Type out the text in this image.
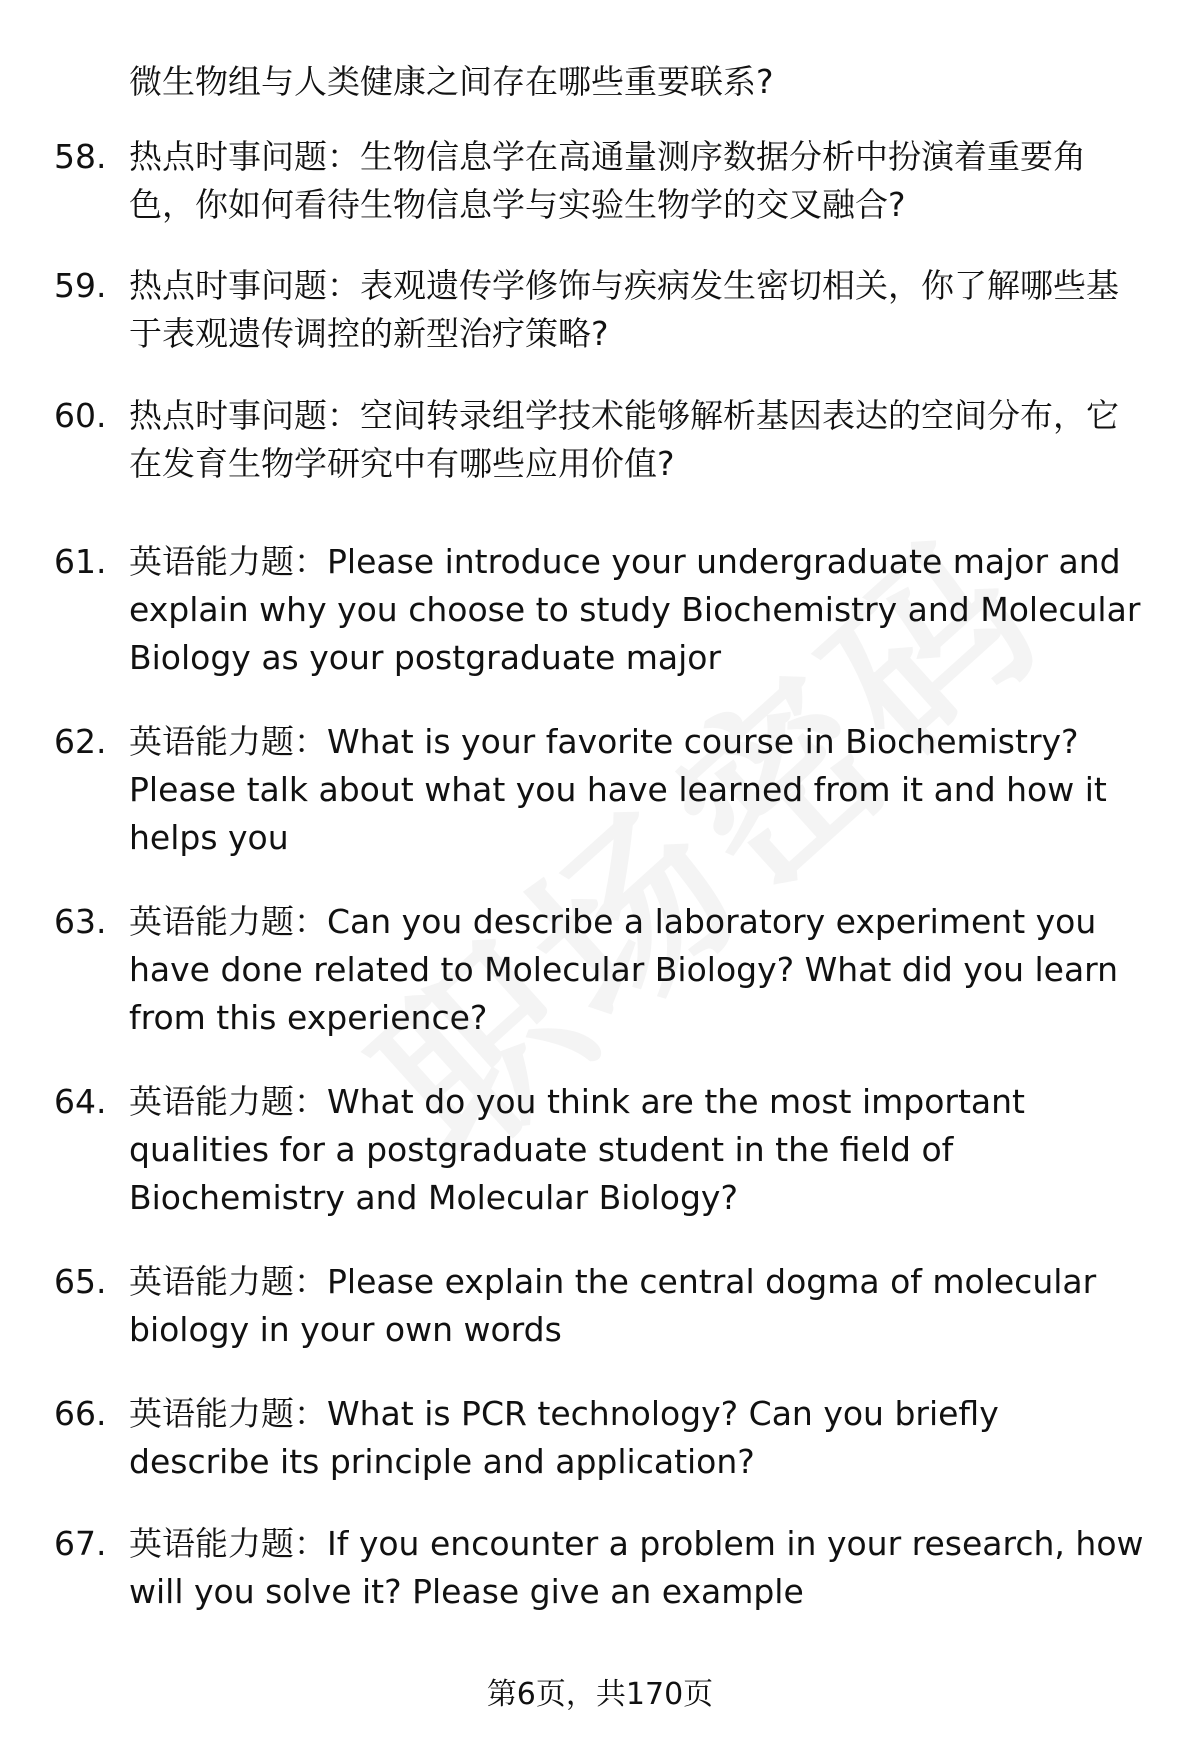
微生物组与人类健康之间存在哪些重要联系?
58. 热点时事问题：生物信息学在高通量测序数据分析中扮演着重要角色，你如何看待生物信息学与实验生物学的交叉融合?
59. 热点时事问题：表观遗传学修饰与疾病发生密切相关，你了解哪些基于表观遗传调控的新型治疗策略?
60. 热点时事问题：空间转录组学技术能够解析基因表达的空间分布，它在发育生物学研究中有哪些应用价值?
61. 英语能力题：Please introduce your undergraduate major and explain why you choose to study Biochemistry and Molecular Biology as your postgraduate major
62. 英语能力题：What is your favorite course in Biochemistry? Please talk about what you have learned from it and how it helps you
63. 英语能力题：Can you describe a laboratory experiment you have done related to Molecular Biology? What did you learn from this experience?
64. 英语能力题：What do you think are the most important qualities for a postgraduate student in the field of Biochemistry and Molecular Biology?
65. 英语能力题：Please explain the central dogma of molecular biology in your own words
66. 英语能力题：What is PCR technology? Can you briefly describe its principle and application?
67. 英语能力题：If you encounter a problem in your research, how will you solve it? Please give an example
第6页，共170页
